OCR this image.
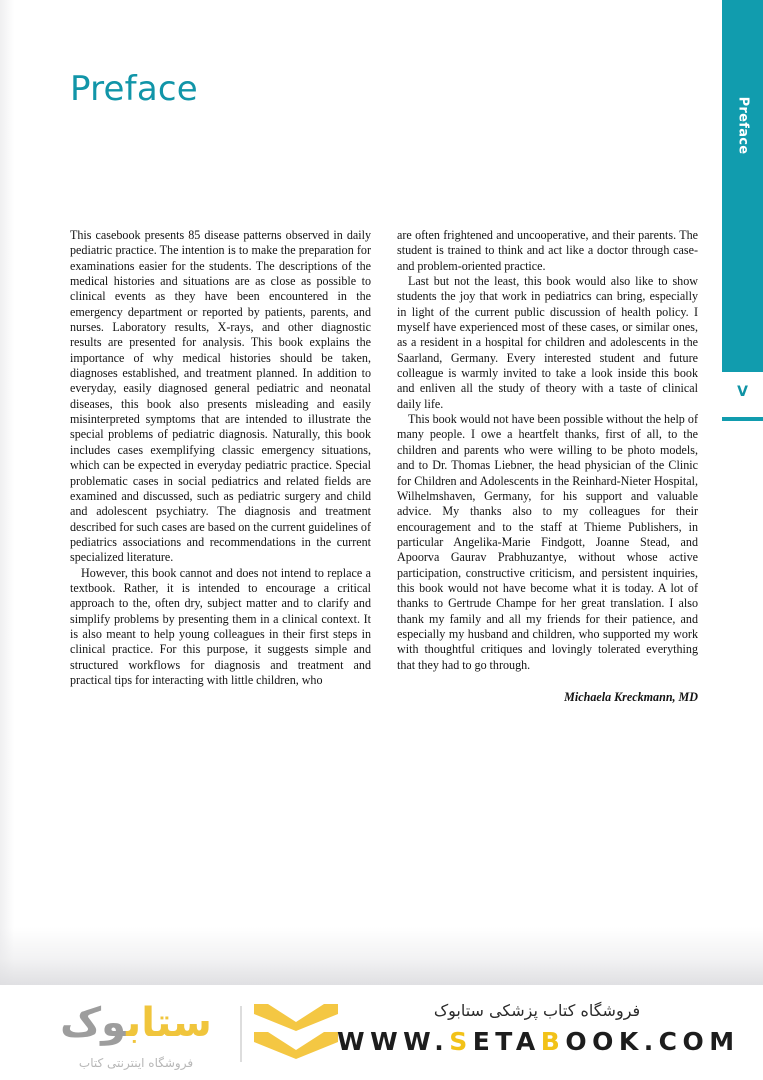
Preface
Preface
V

This casebook presents 85 disease patterns observed in daily pediatric practice. The intention is to make the preparation for examinations easier for the students. The descriptions of the medical histories and situations are as close as possible to clinical events as they have been encountered in the emergency department or reported by patients, parents, and nurses. Laboratory results, X-rays, and other diagnostic results are presented for analysis. This book explains the importance of why medical histories should be taken, diagnoses established, and treatment planned. In addition to everyday, easily diagnosed general pediatric and neonatal diseases, this book also presents misleading and easily misinterpreted symptoms that are intended to illustrate the special problems of pediatric diagnosis. Naturally, this book includes cases exemplifying classic emergency situations, which can be expected in everyday pediatric practice. Special problematic cases in social pediatrics and related fields are examined and discussed, such as pediatric surgery and child and adolescent psychiatry. The diagnosis and treatment described for such cases are based on the current guidelines of pediatrics associations and recommendations in the current specialized literature.

However, this book cannot and does not intend to replace a textbook. Rather, it is intended to encourage a critical approach to the, often dry, subject matter and to clarify and simplify problems by presenting them in a clinical context. It is also meant to help young colleagues in their first steps in clinical practice. For this purpose, it suggests simple and structured workflows for diagnosis and treatment and practical tips for interacting with little children, who

are often frightened and uncooperative, and their parents. The student is trained to think and act like a doctor through case- and problem-oriented practice.

Last but not the least, this book would also like to show students the joy that work in pediatrics can bring, especially in light of the current public discussion of health policy. I myself have experienced most of these cases, or similar ones, as a resident in a hospital for children and adolescents in the Saarland, Germany. Every interested student and future colleague is warmly invited to take a look inside this book and enliven all the study of theory with a taste of clinical daily life.

This book would not have been possible without the help of many people. I owe a heartfelt thanks, first of all, to the children and parents who were willing to be photo models, and to Dr. Thomas Liebner, the head physician of the Clinic for Children and Adolescents in the Reinhard-Nieter Hospital, Wilhelmshaven, Germany, for his support and valuable advice. My thanks also to my colleagues for their encouragement and to the staff at Thieme Publishers, in particular Angelika-Marie Findgott, Joanne Stead, and Apoorva Gaurav Prabhuzantye, without whose active participation, constructive criticism, and persistent inquiries, this book would not have become what it is today. A lot of thanks to Gertrude Champe for her great translation. I also thank my family and all my friends for their patience, and especially my husband and children, who supported my work with thoughtful critiques and lovingly tolerated everything that they had to go through.

Michaela Kreckmann, MD

ستابوک
فروشگاه اینترنتی کتاب
فروشگاه کتاب پزشکی ستابوک
WWW.SETABOOK.COM
